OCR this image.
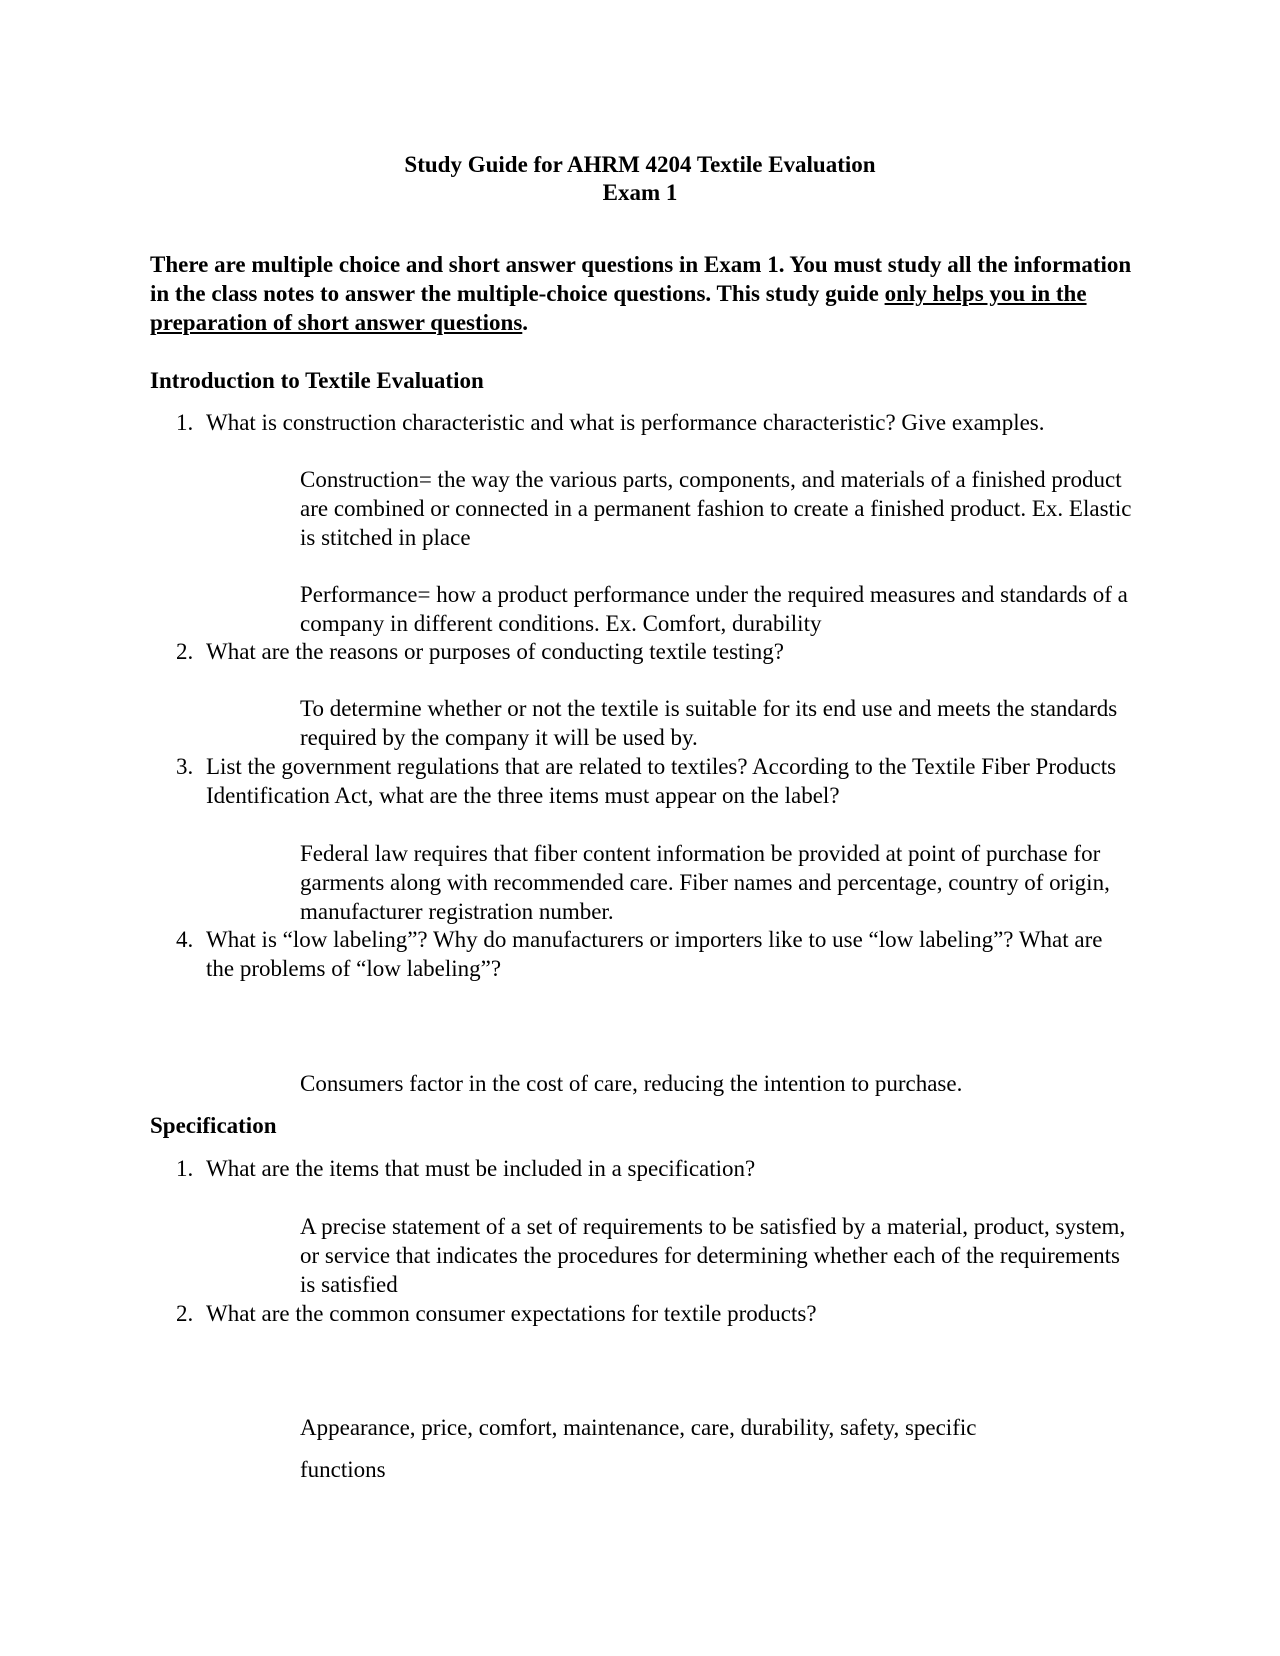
Study Guide for AHRM 4204 Textile Evaluation
Exam 1
There are multiple choice and short answer questions in Exam 1. You must study all the information in the class notes to answer the multiple-choice questions. This study guide only helps you in the preparation of short answer questions.
Introduction to Textile Evaluation
1. What is construction characteristic and what is performance characteristic? Give examples.
Construction= the way the various parts, components, and materials of a finished product are combined or connected in a permanent fashion to create a finished product. Ex. Elastic is stitched in place
Performance= how a product performance under the required measures and standards of a company in different conditions. Ex. Comfort, durability
2. What are the reasons or purposes of conducting textile testing?
To determine whether or not the textile is suitable for its end use and meets the standards required by the company it will be used by.
3. List the government regulations that are related to textiles? According to the Textile Fiber Products Identification Act, what are the three items must appear on the label?
Federal law requires that fiber content information be provided at point of purchase for garments along with recommended care. Fiber names and percentage, country of origin, manufacturer registration number.
4. What is “low labeling”? Why do manufacturers or importers like to use “low labeling”? What are the problems of “low labeling”?
Consumers factor in the cost of care, reducing the intention to purchase.
Specification
1. What are the items that must be included in a specification?
A precise statement of a set of requirements to be satisfied by a material, product, system, or service that indicates the procedures for determining whether each of the requirements is satisfied
2. What are the common consumer expectations for textile products?
Appearance, price, comfort, maintenance, care, durability, safety, specific
functions
